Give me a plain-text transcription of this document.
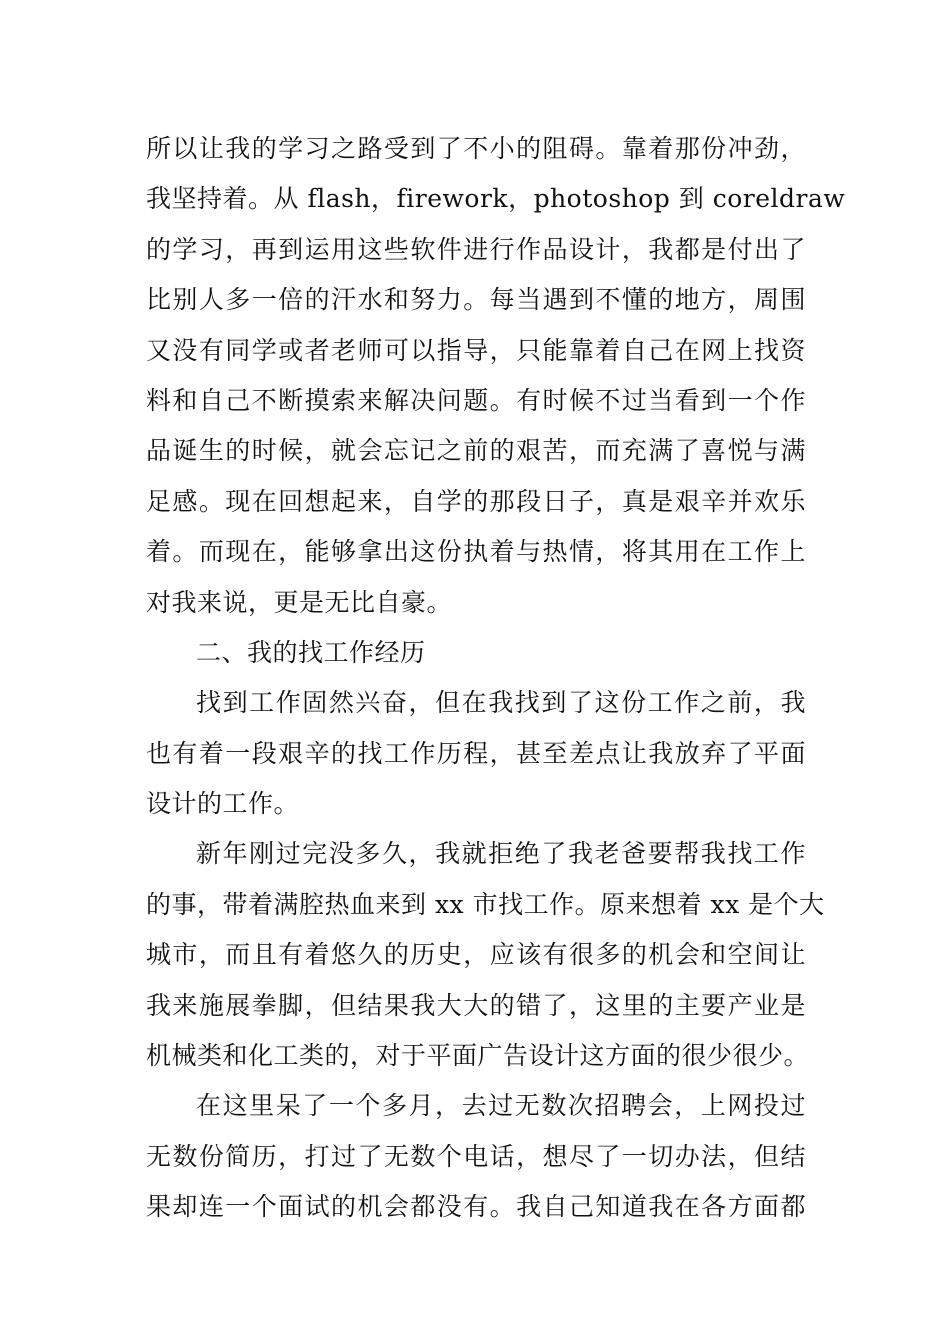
所以让我的学习之路受到了不小的阻碍。靠着那份冲劲，
我坚持着。从 flash，firework，photoshop 到 coreldraw
的学习，再到运用这些软件进行作品设计，我都是付出了
比别人多一倍的汗水和努力。每当遇到不懂的地方，周围
又没有同学或者老师可以指导，只能靠着自己在网上找资
料和自己不断摸索来解决问题。有时候不过当看到一个作
品诞生的时候，就会忘记之前的艰苦，而充满了喜悦与满
足感。现在回想起来，自学的那段日子，真是艰辛并欢乐
着。而现在，能够拿出这份执着与热情，将其用在工作上
对我来说，更是无比自豪。
二、我的找工作经历
找到工作固然兴奋，但在我找到了这份工作之前，我
也有着一段艰辛的找工作历程，甚至差点让我放弃了平面
设计的工作。
新年刚过完没多久，我就拒绝了我老爸要帮我找工作
的事，带着满腔热血来到 xx 市找工作。原来想着 xx 是个大
城市，而且有着悠久的历史，应该有很多的机会和空间让
我来施展拳脚，但结果我大大的错了，这里的主要产业是
机械类和化工类的，对于平面广告设计这方面的很少很少。
在这里呆了一个多月，去过无数次招聘会，上网投过
无数份简历，打过了无数个电话，想尽了一切办法，但结
果却连一个面试的机会都没有。我自己知道我在各方面都
